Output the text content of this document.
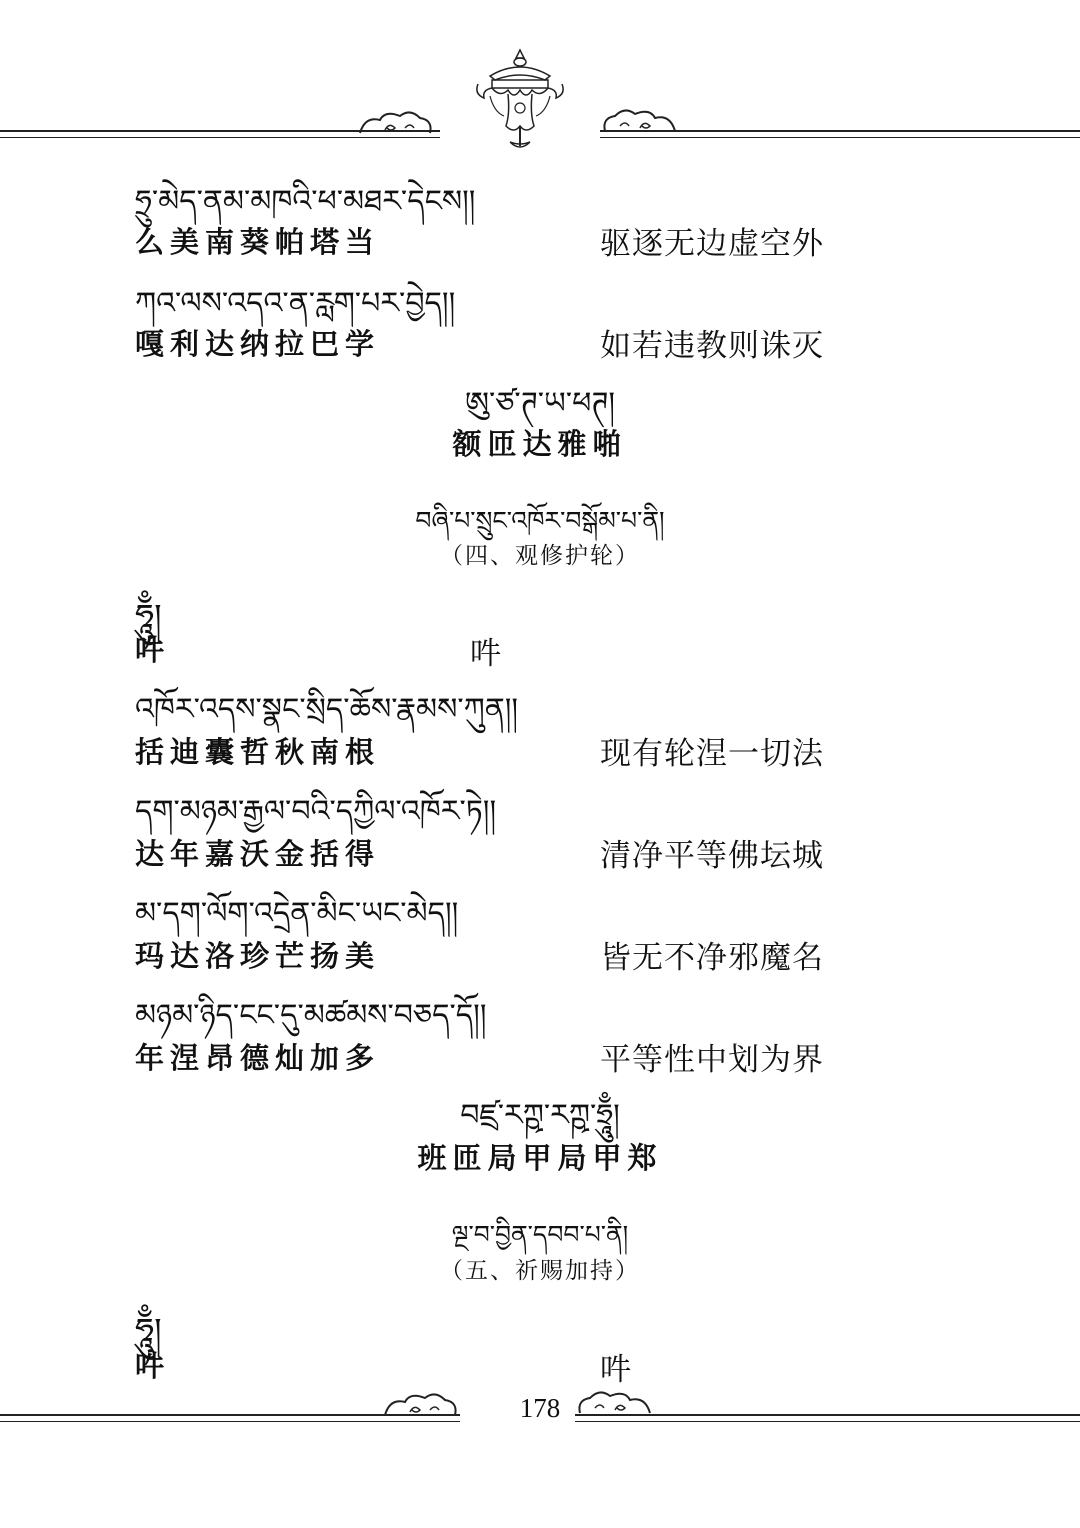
ཧྲུ་མེད་ནམ་མཁའི་ཕ་མཐར་དེངས།།
么美南葵帕塔当	驱逐无边虚空外
ཀའ་ལས་འདའ་ན་རླག་པར་བྱེད།།
嘎利达纳拉巴学	如若违教则诛灭
ཨུ་ཙ་ཊ་ཡ་ཕཊ།
额匝达雅啪
བཞི་པ་སྲུང་འཁོར་བསྒོམ་པ་ནི།
（四、观修护轮）
ཧཱུྃ།
吽	吽
འཁོར་འདས་སྣང་སྲིད་ཆོས་རྣམས་ཀུན།།
括迪囊哲秋南根	现有轮涅一切法
དག་མཉམ་རྒྱལ་བའི་དཀྱིལ་འཁོར་ཏེ།།
达年嘉沃金括得	清净平等佛坛城
མ་དག་ལོག་འདྲེན་མིང་ཡང་མེད།།
玛达洛珍芒扬美	皆无不净邪魔名
མཉམ་ཉིད་ངང་དུ་མཚམས་བཅད་དོ།།
年涅昂德灿加多	平等性中划为界
བཛྲ་རཀྵ་རཀྵ་ཧྲཱུྃ།
班匝局甲局甲郑
ལྔ་བ་བྱིན་དབབ་པ་ནི།
（五、祈赐加持）
ཧཱུྃ།
吽	吽
178
